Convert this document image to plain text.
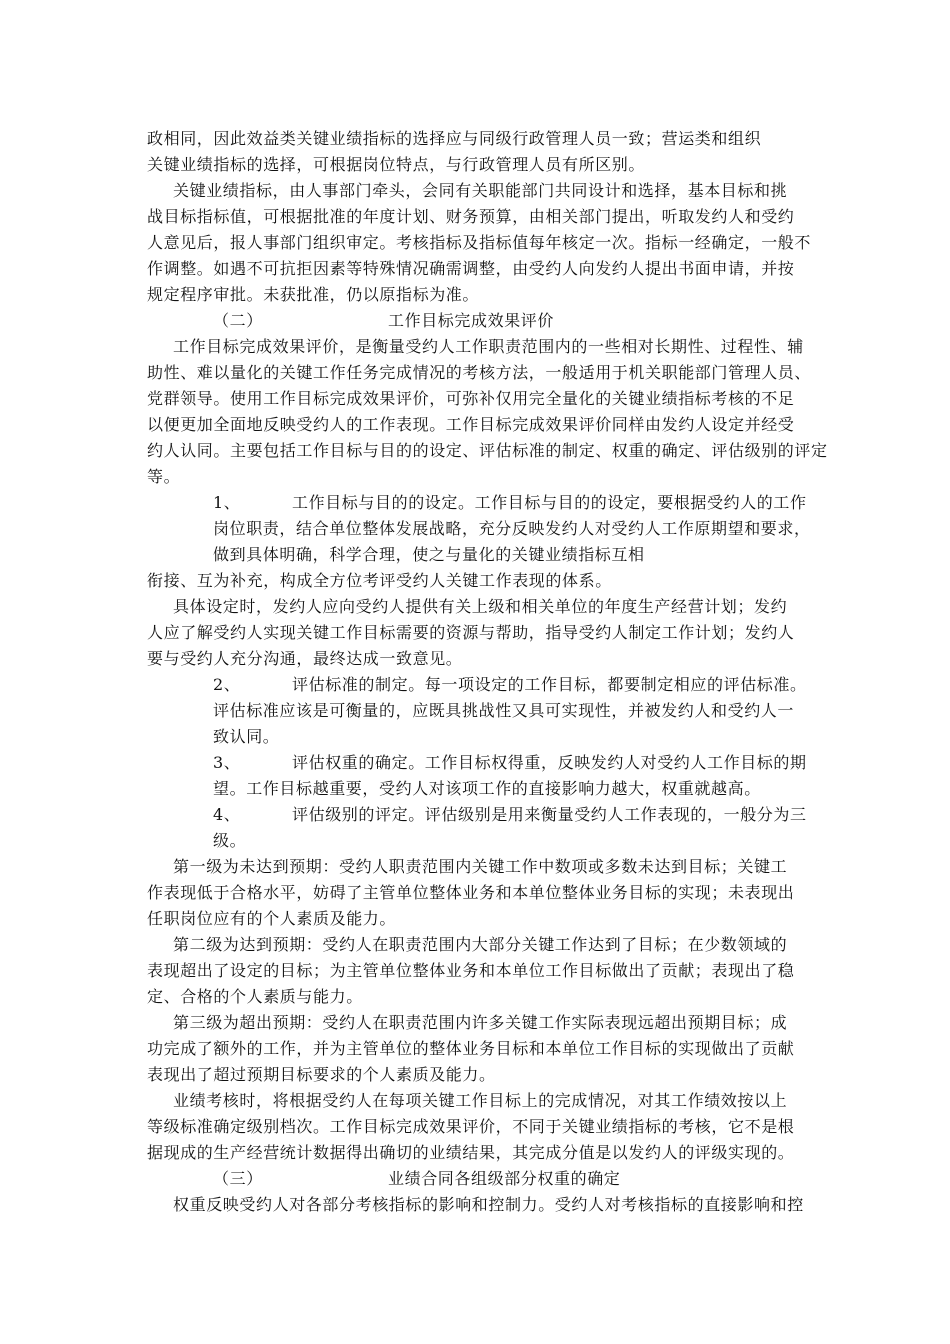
政相同，因此效益类关键业绩指标的选择应与同级行政管理人员一致；营运类和组织
关键业绩指标的选择，可根据岗位特点，与行政管理人员有所区别。
关键业绩指标，由人事部门牵头，会同有关职能部门共同设计和选择，基本目标和挑
战目标指标值，可根据批准的年度计划、财务预算，由相关部门提出，听取发约人和受约
人意见后，报人事部门组织审定。考核指标及指标值每年核定一次。指标一经确定，一般不
作调整。如遇不可抗拒因素等特殊情况确需调整，由受约人向发约人提出书面申请，并按
规定程序审批。未获批准，仍以原指标为准。
（二）	工作目标完成效果评价
工作目标完成效果评价，是衡量受约人工作职责范围内的一些相对长期性、过程性、辅
助性、难以量化的关键工作任务完成情况的考核方法，一般适用于机关职能部门管理人员、
党群领导。使用工作目标完成效果评价，可弥补仅用完全量化的关键业绩指标考核的不足
以便更加全面地反映受约人的工作表现。工作目标完成效果评价同样由发约人设定并经受
约人认同。主要包括工作目标与目的的设定、评估标准的制定、权重的确定、评估级别的评定
等。
1、	工作目标与目的的设定。工作目标与目的的设定，要根据受约人的工作
岗位职责，结合单位整体发展战略，充分反映发约人对受约人工作原期望和要求，
做到具体明确，科学合理，使之与量化的关键业绩指标互相
衔接、互为补充，构成全方位考评受约人关键工作表现的体系。
具体设定时，发约人应向受约人提供有关上级和相关单位的年度生产经营计划；发约
人应了解受约人实现关键工作目标需要的资源与帮助，指导受约人制定工作计划；发约人
要与受约人充分沟通，最终达成一致意见。
2、	评估标准的制定。每一项设定的工作目标，都要制定相应的评估标准。
评估标准应该是可衡量的，应既具挑战性又具可实现性，并被发约人和受约人一
致认同。
3、	评估权重的确定。工作目标权得重，反映发约人对受约人工作目标的期
望。工作目标越重要，受约人对该项工作的直接影响力越大，权重就越高。
4、	评估级别的评定。评估级别是用来衡量受约人工作表现的，一般分为三
级。
第一级为未达到预期：受约人职责范围内关键工作中数项或多数未达到目标；关键工
作表现低于合格水平，妨碍了主管单位整体业务和本单位整体业务目标的实现；未表现出
任职岗位应有的个人素质及能力。
第二级为达到预期：受约人在职责范围内大部分关键工作达到了目标；在少数领域的
表现超出了设定的目标；为主管单位整体业务和本单位工作目标做出了贡献；表现出了稳
定、合格的个人素质与能力。
第三级为超出预期：受约人在职责范围内许多关键工作实际表现远超出预期目标；成
功完成了额外的工作，并为主管单位的整体业务目标和本单位工作目标的实现做出了贡献
表现出了超过预期目标要求的个人素质及能力。
业绩考核时，将根据受约人在每项关键工作目标上的完成情况，对其工作绩效按以上
等级标准确定级别档次。工作目标完成效果评价，不同于关键业绩指标的考核，它不是根
据现成的生产经营统计数据得出确切的业绩结果，其完成分值是以发约人的评级实现的。
（三）	业绩合同各组级部分权重的确定
权重反映受约人对各部分考核指标的影响和控制力。受约人对考核指标的直接影响和控
